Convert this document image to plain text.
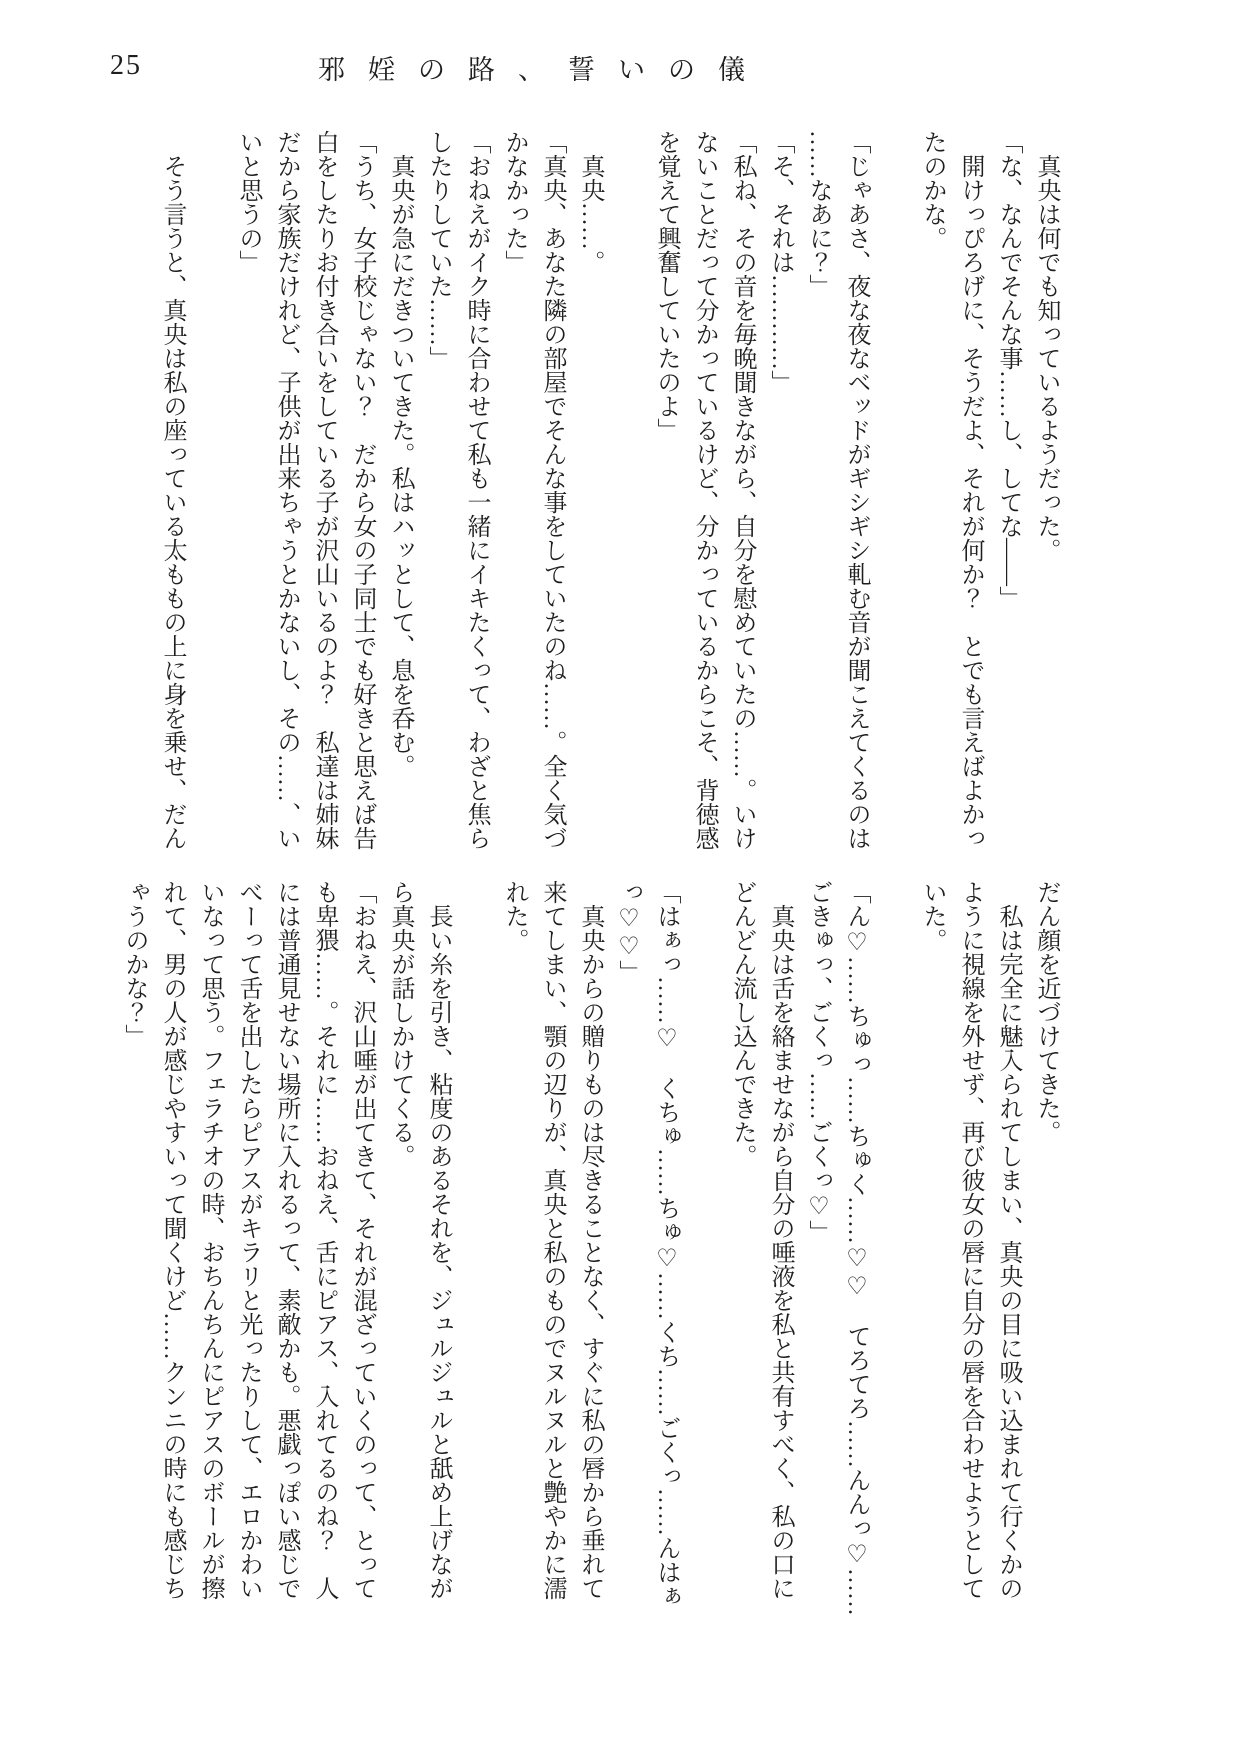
25	邪婬の路、誓いの儀
真央は何でも知っているようだった。
「な、なんでそんな事……し、してな――」
開けっぴろげに、そうだよ、それが何か？　とでも言えばよかっ
たのかな。
「じゃあさ、夜な夜なベッドがギシギシ軋む音が聞こえてくるのは
……なあに？」
「そ、それは…………」
「私ね、その音を毎晩聞きながら、自分を慰めていたの……。いけ
ないことだって分かっているけど、分かっているからこそ、背徳感
を覚えて興奮していたのよ」
真央……。
「真央、あなた隣の部屋でそんな事をしていたのね……。全く気づ
かなかった」
「おねえがイク時に合わせて私も一緒にイキたくって、わざと焦ら
したりしていた……」
真央が急にだきついてきた。私はハッとして、息を呑む。
「うち、女子校じゃない？　だから女の子同士でも好きと思えば告
白をしたりお付き合いをしている子が沢山いるのよ？　私達は姉妹
だから家族だけれど、子供が出来ちゃうとかないし、その……、い
いと思うの」
そう言うと、真央は私の座っている太ももの上に身を乗せ、だん
だん顔を近づけてきた。
私は完全に魅入られてしまい、真央の目に吸い込まれて行くかの
ように視線を外せず、再び彼女の唇に自分の唇を合わせようとして
いた。
「ん♡……ちゅっ……ちゅく……♡♡　てろてろ……んんっ♡……
ごきゅっ、ごくっ……ごくっ♡」
真央は舌を絡ませながら自分の唾液を私と共有すべく、私の口に
どんどん流し込んできた。
「はぁっ……♡　くちゅ……ちゅ♡……くち……ごくっ……んはぁ
っ♡♡」
真央からの贈りものは尽きることなく、すぐに私の唇から垂れて
来てしまい、顎の辺りが、真央と私のものでヌルヌルと艶やかに濡
れた。
長い糸を引き、粘度のあるそれを、ジュルジュルと舐め上げなが
ら真央が話しかけてくる。
「おねえ、沢山唾が出てきて、それが混ざっていくのって、とって
も卑猥……。それに……おねえ、舌にピアス、入れてるのね？　人
には普通見せない場所に入れるって、素敵かも。悪戯っぽい感じで
べーって舌を出したらピアスがキラリと光ったりして、エロかわい
いなって思う。フェラチオの時、おちんちんにピアスのボールが擦
れて、男の人が感じやすいって聞くけど……クンニの時にも感じち
ゃうのかな？」
